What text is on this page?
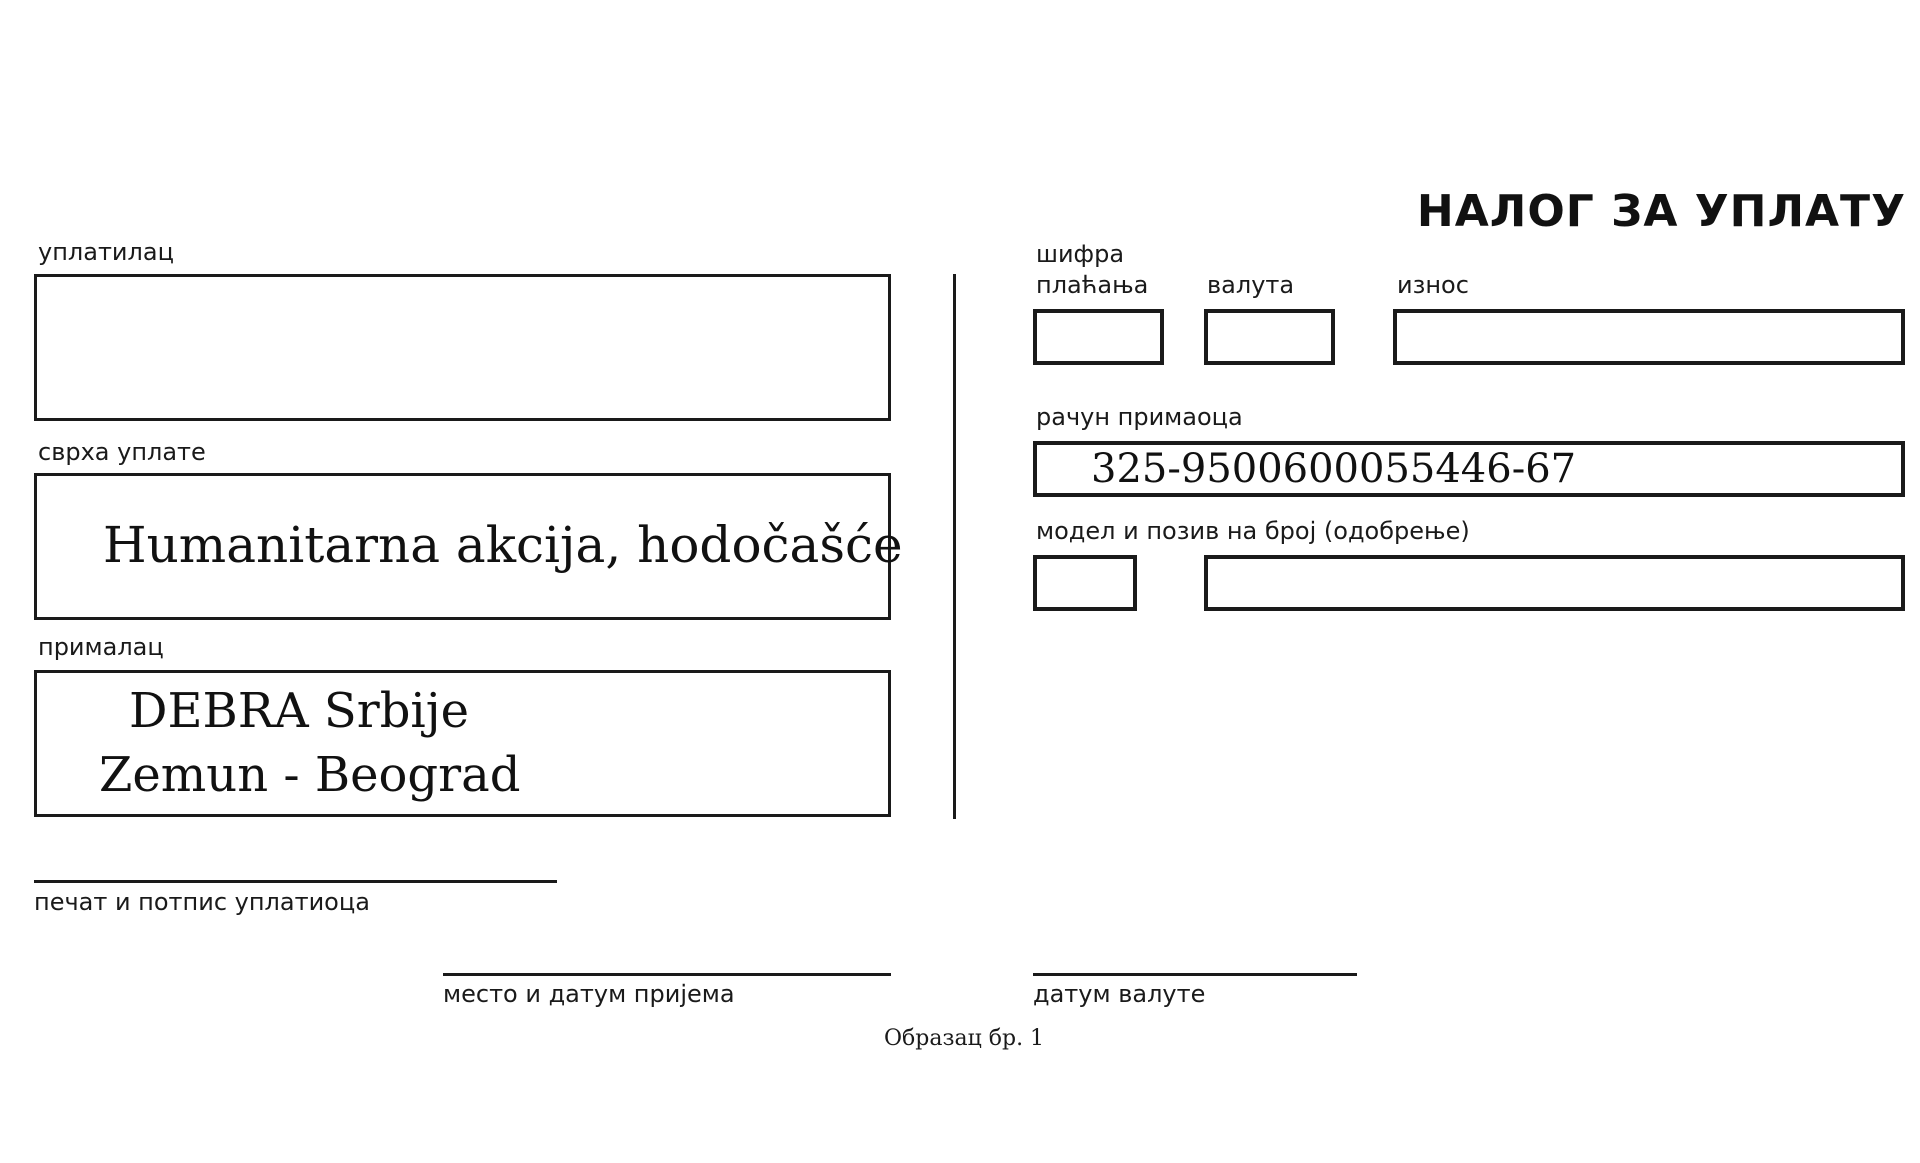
НАЛОГ ЗА УПЛАТУ
уплатилац
сврха уплате
Humanitarna akcija, hodočašće
прималац
DEBRA Srbije
Zemun - Beograd
печат и потпис уплатиоца
шифра
плаћања валута	износ
рачун примаоца
325-9500600055446-67
модел и позив на број (одобрење)
место и датум пријема	датум валуте
Образац бр. 1
